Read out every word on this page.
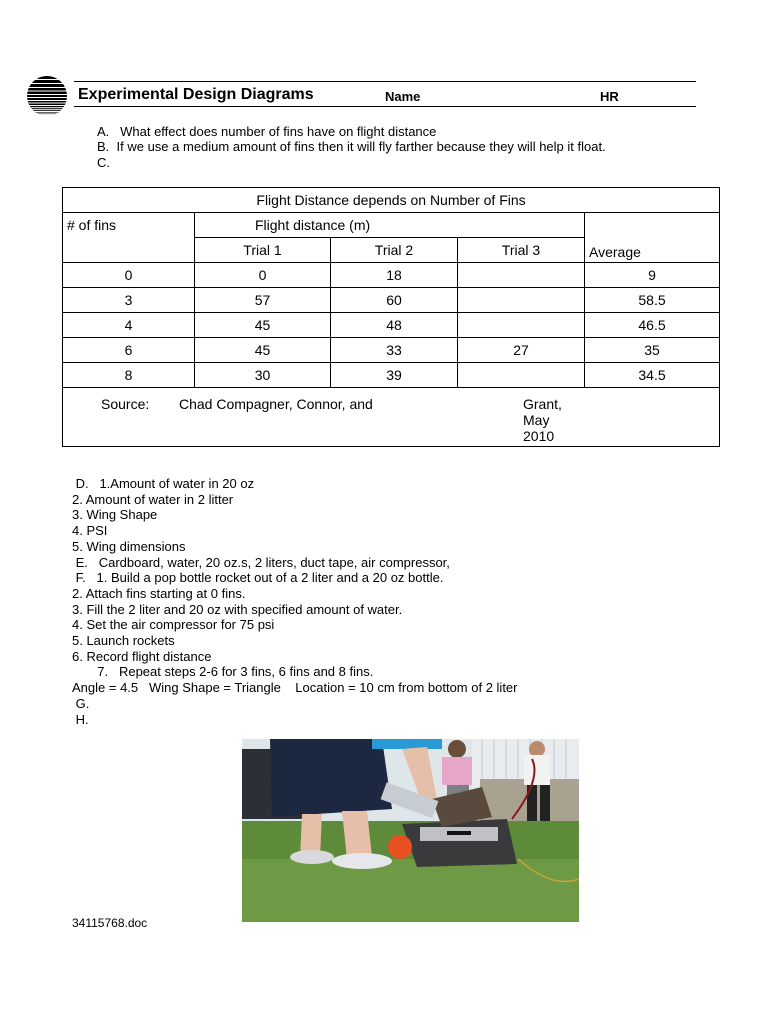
Experimental Design Diagrams	Name	HR
A.   What effect does number of fins have on flight distance
B.  If we use a medium amount of fins then it will fly farther because they will help it float.
C.
Flight Distance depends on Number of Fins				
# of fins	Flight distance (m)			Average
	Trial 1	Trial 2	Trial 3	
0	0	18		9
3	57	60		58.5
4	45	48		46.5
6	45	33	27	35
8	30	39		34.5

Source: Chad Compagner, Connor, and Grant,
May
2010				
D.   1.Amount of water in 20 oz
2. Amount of water in 2 litter
3. Wing Shape
4. PSI
5. Wing dimensions
E.   Cardboard, water, 20 oz.s, 2 liters, duct tape, air compressor,
F.   1. Build a pop bottle rocket out of a 2 liter and a 20 oz bottle.
2. Attach fins starting at 0 fins.
3. Fill the 2 liter and 20 oz with specified amount of water.
4. Set the air compressor for 75 psi
5. Launch rockets
6. Record flight distance
7.   Repeat steps 2-6 for 3 fins, 6 fins and 8 fins.
Angle = 4.5   Wing Shape = Triangle    Location = 10 cm from bottom of 2 liter
G.
H.
34115768.doc
